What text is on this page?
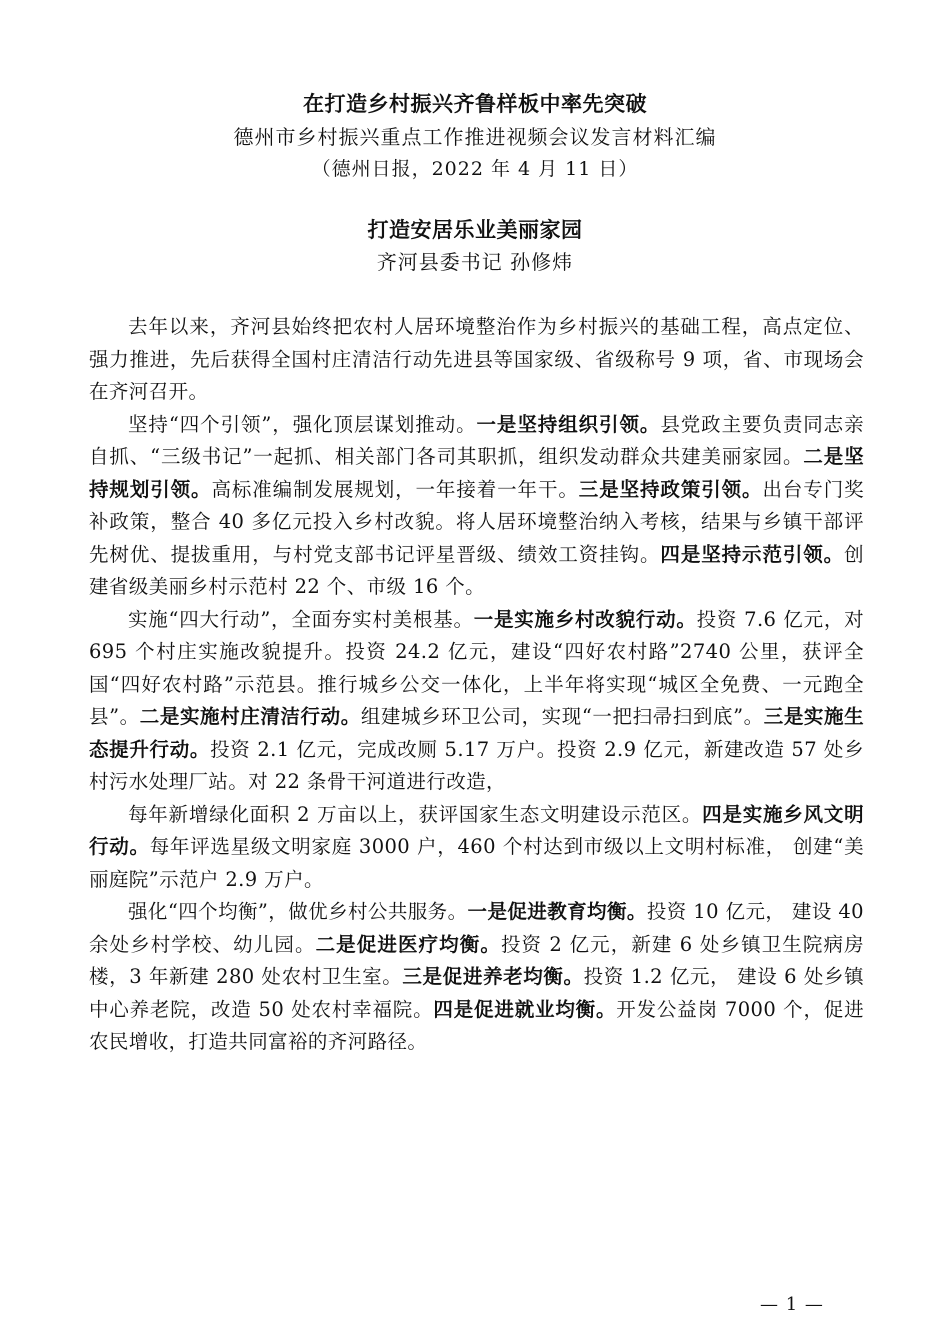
在打造乡村振兴齐鲁样板中率先突破
德州市乡村振兴重点工作推进视频会议发言材料汇编
（德州日报，2022 年 4 月 11 日）
打造安居乐业美丽家园
齐河县委书记 孙修炜

去年以来，齐河县始终把农村人居环境整治作为乡村振兴的基础工程，高点定位、强力推进，先后获得全国村庄清洁行动先进县等国家级、省级称号 9 项，省、市现场会在齐河召开。

坚持“四个引领”，强化顶层谋划推动。一是坚持组织引领。县党政主要负责同志亲自抓、“三级书记”一起抓、相关部门各司其职抓，组织发动群众共建美丽家园。二是坚持规划引领。高标准编制发展规划，一年接着一年干。三是坚持政策引领。出台专门奖补政策，整合 40 多亿元投入乡村改貌。将人居环境整治纳入考核，结果与乡镇干部评先树优、提拔重用，与村党支部书记评星晋级、绩效工资挂钩。四是坚持示范引领。创建省级美丽乡村示范村 22 个、市级 16 个。

实施“四大行动”，全面夯实村美根基。一是实施乡村改貌行动。投资 7.6 亿元，对 695 个村庄实施改貌提升。投资 24.2 亿元，建设“四好农村路”2740 公里，获评全国“四好农村路”示范县。推行城乡公交一体化，上半年将实现“城区全免费、一元跑全县”。二是实施村庄清洁行动。组建城乡环卫公司，实现“一把扫帚扫到底”。三是实施生态提升行动。投资 2.1 亿元，完成改厕 5.17 万户。投资 2.9 亿元，新建改造 57 处乡村污水处理厂站。对 22 条骨干河道进行改造，

每年新增绿化面积 2 万亩以上，获评国家生态文明建设示范区。四是实施乡风文明行动。每年评选星级文明家庭 3000 户，460 个村达到市级以上文明村标准， 创建“美丽庭院”示范户 2.9 万户。

强化“四个均衡”，做优乡村公共服务。一是促进教育均衡。投资 10 亿元， 建设 40 余处乡村学校、幼儿园。二是促进医疗均衡。投资 2 亿元，新建 6 处乡镇卫生院病房楼，3 年新建 280 处农村卫生室。三是促进养老均衡。投资 1.2 亿元， 建设 6 处乡镇中心养老院，改造 50 处农村幸福院。四是促进就业均衡。开发公益岗 7000 个，促进农民增收，打造共同富裕的齐河路径。

— 1 —
